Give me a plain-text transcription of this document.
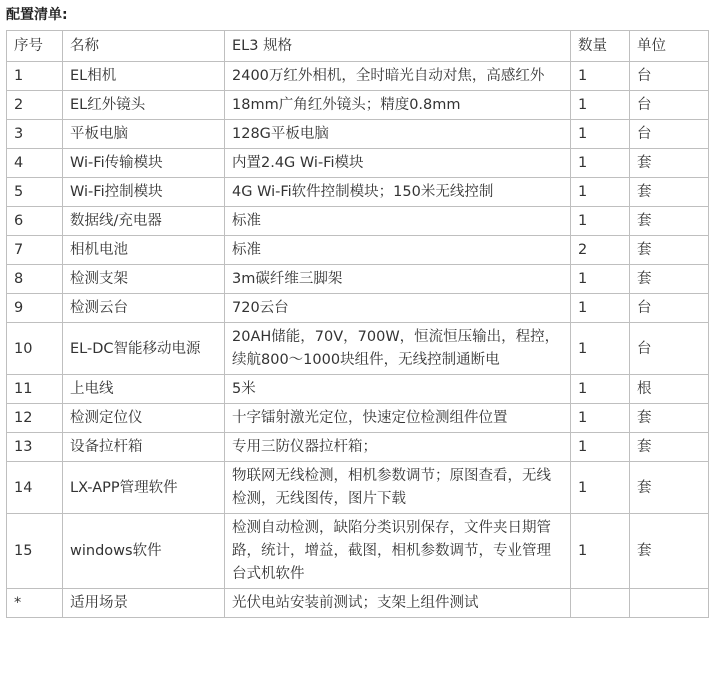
配置清单:
序号	名称	EL3 规格	数量	单位
1	EL相机	2400万红外相机，全时暗光自动对焦，高感红外	1	台
2	EL红外镜头	18mm广角红外镜头；精度0.8mm	1	台
3	平板电脑	128G平板电脑	1	台
4	Wi-Fi传输模块	内置2.4G Wi-Fi模块	1	套
5	Wi-Fi控制模块	4G Wi-Fi软件控制模块；150米无线控制	1	套
6	数据线/充电器	标准	1	套
7	相机电池	标准	2	套
8	检测支架	3m碳纤维三脚架	1	套
9	检测云台	720云台	1	台
10	EL-DC智能移动电源	20AH储能，70V，700W，恒流恒压输出，程控，续航800～1000块组件，无线控制通断电	1	台
11	上电线	5米	1	根
12	检测定位仪	十字镭射激光定位，快速定位检测组件位置	1	套
13	设备拉杆箱	专用三防仪器拉杆箱；	1	套
14	LX-APP管理软件	物联网无线检测，相机参数调节；原图查看，无线检测，无线图传，图片下载	1	套
15	windows软件	检测自动检测，缺陷分类识别保存，文件夹日期管路，统计，增益，截图，相机参数调节，专业管理台式机软件	1	套
*	适用场景	光伏电站安装前测试；支架上组件测试		
